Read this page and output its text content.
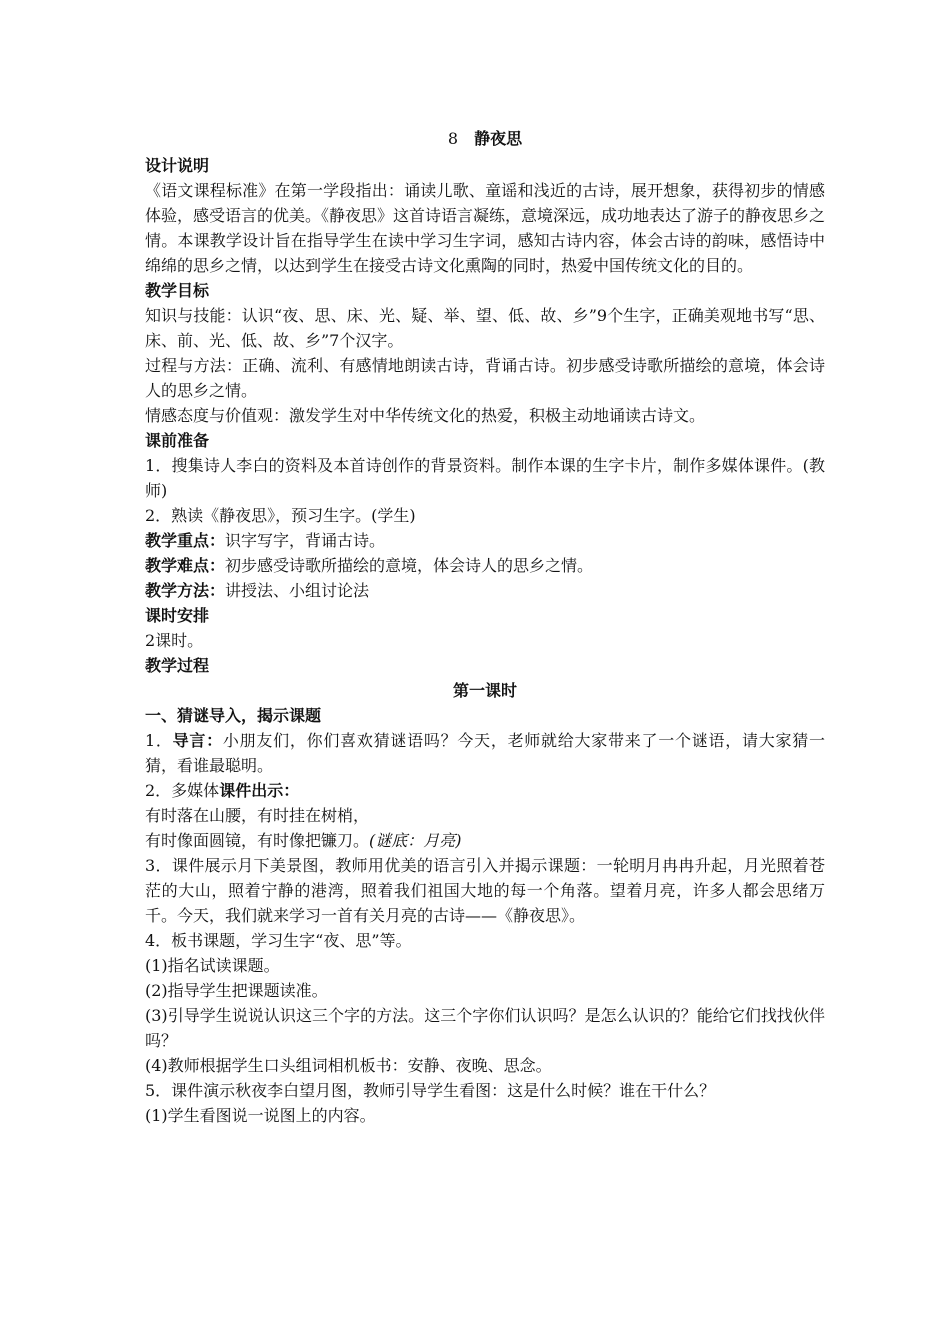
8 静夜思
设计说明

《语文课程标准》在第一学段指出：诵读儿歌、童谣和浅近的古诗，展开想象，获得初步的情感体验，感受语言的优美。《静夜思》这首诗语言凝练，意境深远，成功地表达了游子的静夜思乡之情。本课教学设计旨在指导学生在读中学习生字词，感知古诗内容，体会古诗的韵味，感悟诗中绵绵的思乡之情，以达到学生在接受古诗文化熏陶的同时，热爱中国传统文化的目的。

教学目标

知识与技能：认识“夜、思、床、光、疑、举、望、低、故、乡”9个生字，正确美观地书写“思、床、前、光、低、故、乡”7个汉字。

过程与方法：正确、流利、有感情地朗读古诗，背诵古诗。初步感受诗歌所描绘的意境，体会诗人的思乡之情。

情感态度与价值观：激发学生对中华传统文化的热爱，积极主动地诵读古诗文。

课前准备

1．搜集诗人李白的资料及本首诗创作的背景资料。制作本课的生字卡片，制作多媒体课件。(教师)

2．熟读《静夜思》，预习生字。(学生)

教学重点：识字写字，背诵古诗。

教学难点：初步感受诗歌所描绘的意境，体会诗人的思乡之情。

教学方法：讲授法、小组讨论法

课时安排

2课时。

教学过程
第一课时
一、猜谜导入，揭示课题

1．导言：小朋友们，你们喜欢猜谜语吗？今天，老师就给大家带来了一个谜语，请大家猜一猜，看谁最聪明。

2．多媒体课件出示：

有时落在山腰，有时挂在树梢，

有时像面圆镜，有时像把镰刀。(谜底：月亮)

3．课件展示月下美景图，教师用优美的语言引入并揭示课题：一轮明月冉冉升起，月光照着苍茫的大山，照着宁静的港湾，照着我们祖国大地的每一个角落。望着月亮，许多人都会思绪万千。今天，我们就来学习一首有关月亮的古诗——《静夜思》。

4．板书课题，学习生字“夜、思”等。

(1)指名试读课题。

(2)指导学生把课题读准。

(3)引导学生说说认识这三个字的方法。这三个字你们认识吗？是怎么认识的？能给它们找找伙伴吗？

(4)教师根据学生口头组词相机板书：安静、夜晚、思念。

5．课件演示秋夜李白望月图，教师引导学生看图：这是什么时候？谁在干什么？

(1)学生看图说一说图上的内容。
